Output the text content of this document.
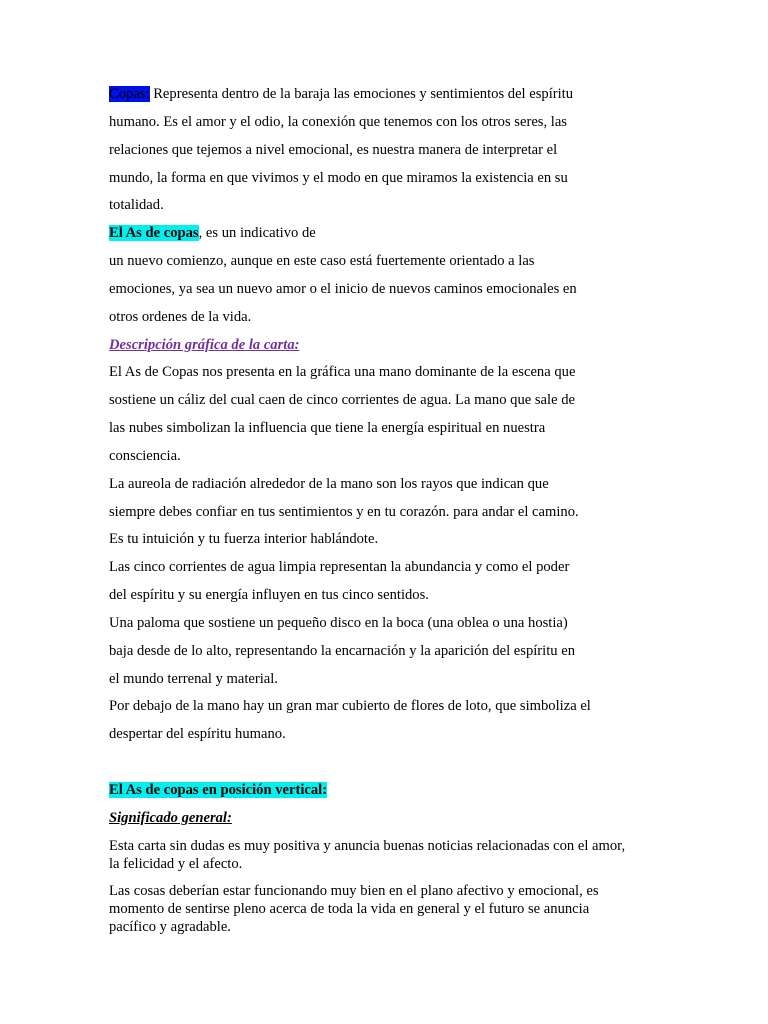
Copas: Representa dentro de la baraja las emociones y sentimientos del espíritu
humano. Es el amor y el odio, la conexión que tenemos con los otros seres, las
relaciones que tejemos a nivel emocional, es nuestra manera de interpretar el
mundo, la forma en que vivimos y el modo en que miramos la existencia en su
totalidad.
El As de copas, es un indicativo de
un nuevo comienzo, aunque en este caso está fuertemente orientado a las
emociones, ya sea un nuevo amor o el inicio de nuevos caminos emocionales en
otros ordenes de la vida.
Descripción gráfica de la carta:
El As de Copas nos presenta en la gráfica una mano dominante de la escena que
sostiene un cáliz del cual caen de cinco corrientes de agua. La mano que sale de
las nubes simbolizan la influencia que tiene la energía espiritual en nuestra
consciencia.
La aureola de radiación alrededor de la mano son los rayos que indican que
siempre debes confiar en tus sentimientos y en tu corazón. para andar el camino.
Es tu intuición y tu fuerza interior hablándote.
Las cinco corrientes de agua limpia representan la abundancia y como el poder
del espíritu y su energía influyen en tus cinco sentidos.
Una paloma que sostiene un pequeño disco en la boca (una oblea o una hostia)
baja desde de lo alto, representando la encarnación y la aparición del espíritu en
el mundo terrenal y material.
Por debajo de la mano hay un gran mar cubierto de flores de loto, que simboliza el
despertar del espíritu humano.
El As de copas en posición vertical:
Significado general:
Esta carta sin dudas es muy positiva y anuncia buenas noticias relacionadas con el amor,
la felicidad y el afecto.
Las cosas deberían estar funcionando muy bien en el plano afectivo y emocional, es
momento de sentirse pleno acerca de toda la vida en general y el futuro se anuncia
pacífico y agradable.
